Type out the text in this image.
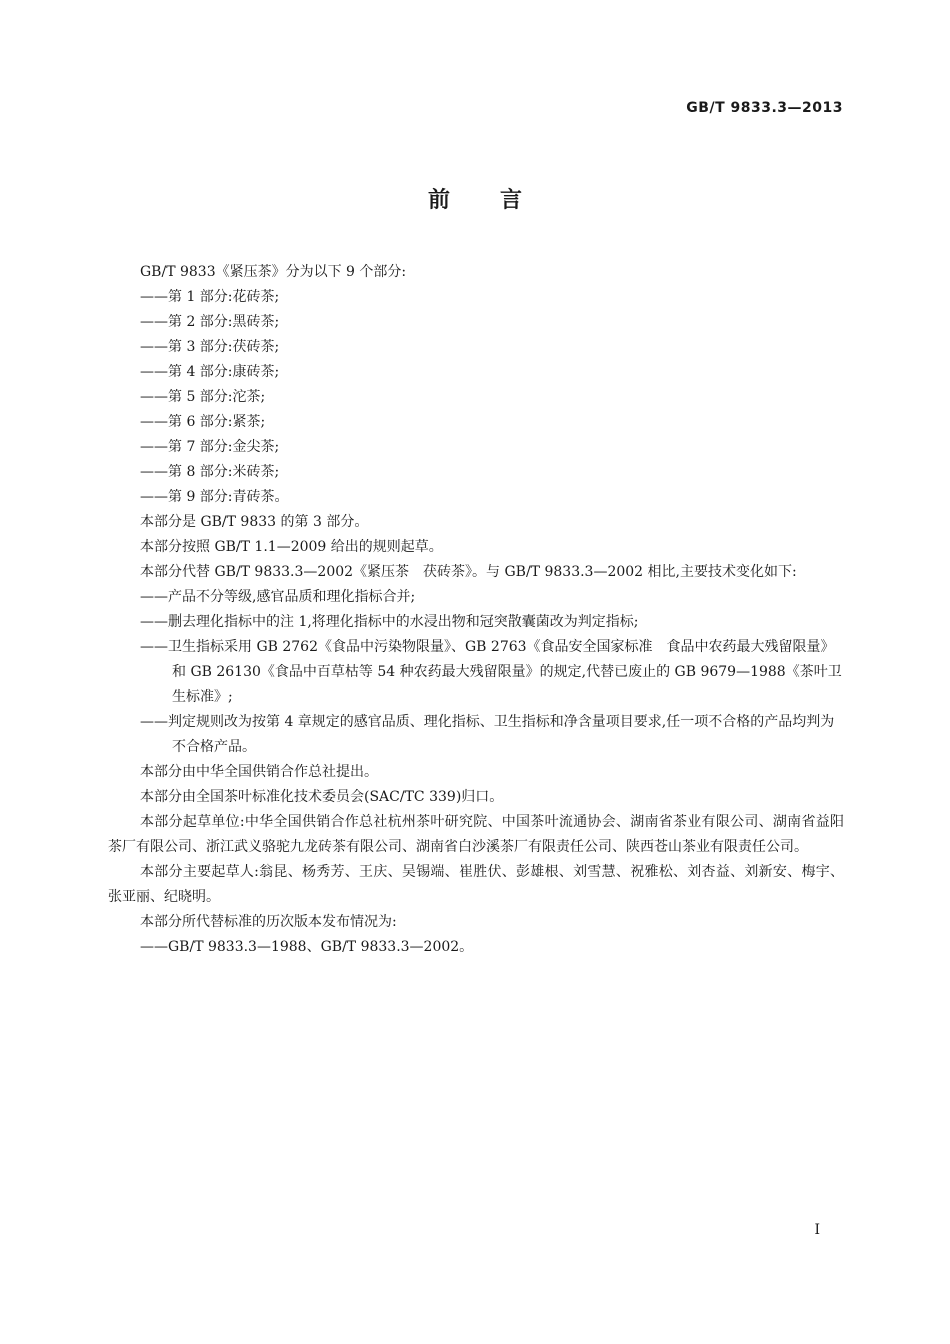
GB/T 9833.3—2013
前 言

GB/T 9833《紧压茶》分为以下 9 个部分:

——第 1 部分:花砖茶;

——第 2 部分:黑砖茶;

——第 3 部分:茯砖茶;

——第 4 部分:康砖茶;

——第 5 部分:沱茶;

——第 6 部分:紧茶;

——第 7 部分:金尖茶;

——第 8 部分:米砖茶;

——第 9 部分:青砖茶。

本部分是 GB/T 9833 的第 3 部分。

本部分按照 GB/T 1.1—2009 给出的规则起草。

本部分代替 GB/T 9833.3—2002《紧压茶　茯砖茶》。与 GB/T 9833.3—2002 相比,主要技术变化如下:

——产品不分等级,感官品质和理化指标合并;

——删去理化指标中的注 1,将理化指标中的水浸出物和冠突散囊菌改为判定指标;

——卫生指标采用 GB 2762《食品中污染物限量》、GB 2763《食品安全国家标准　食品中农药最大残留限量》和 GB 26130《食品中百草枯等 54 种农药最大残留限量》的规定,代替已废止的 GB 9679—1988《茶叶卫生标准》;

——判定规则改为按第 4 章规定的感官品质、理化指标、卫生指标和净含量项目要求,任一项不合格的产品均判为不合格产品。

本部分由中华全国供销合作总社提出。

本部分由全国茶叶标准化技术委员会(SAC/TC 339)归口。

本部分起草单位:中华全国供销合作总社杭州茶叶研究院、中国茶叶流通协会、湖南省茶业有限公司、湖南省益阳茶厂有限公司、浙江武义骆驼九龙砖茶有限公司、湖南省白沙溪茶厂有限责任公司、陕西苍山茶业有限责任公司。

本部分主要起草人:翁昆、杨秀芳、王庆、吴锡端、崔胜伏、彭雄根、刘雪慧、祝雅松、刘杏益、刘新安、梅宇、张亚丽、纪晓明。

本部分所代替标准的历次版本发布情况为:

——GB/T 9833.3—1988、GB/T 9833.3—2002。

I
